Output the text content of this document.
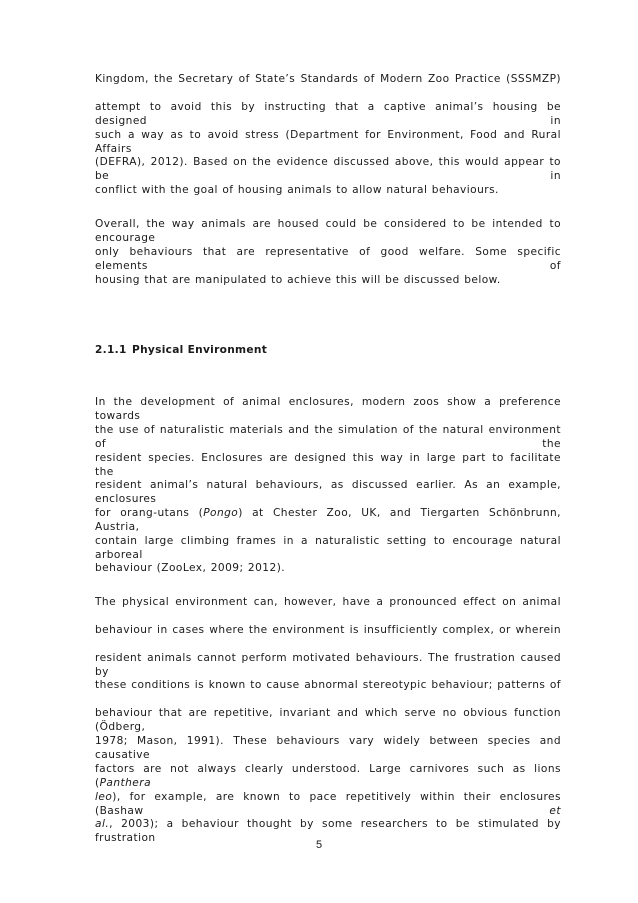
Kingdom, the Secretary of State’s Standards of Modern Zoo Practice (SSSMZP)
attempt to avoid this by instructing that a captive animal’s housing be designed in
such a way as to avoid stress (Department for Environment, Food and Rural Affairs
(DEFRA), 2012). Based on the evidence discussed above, this would appear to be in
conflict with the goal of housing animals to allow natural behaviours.
Overall, the way animals are housed could be considered to be intended to encourage
only behaviours that are representative of good welfare. Some specific elements of
housing that are manipulated to achieve this will be discussed below.
2.1.1 Physical Environment
In the development of animal enclosures, modern zoos show a preference towards
the use of naturalistic materials and the simulation of the natural environment of the
resident species. Enclosures are designed this way in large part to facilitate the
resident animal’s natural behaviours, as discussed earlier. As an example, enclosures
for orang-utans (Pongo) at Chester Zoo, UK, and Tiergarten Schönbrunn, Austria,
contain large climbing frames in a naturalistic setting to encourage natural arboreal
behaviour (ZooLex, 2009; 2012).
The physical environment can, however, have a pronounced effect on animal
behaviour in cases where the environment is insufficiently complex, or wherein
resident animals cannot perform motivated behaviours. The frustration caused by
these conditions is known to cause abnormal stereotypic behaviour; patterns of
behaviour that are repetitive, invariant and which serve no obvious function (Ödberg,
1978; Mason, 1991). These behaviours vary widely between species and causative
factors are not always clearly understood. Large carnivores such as lions (Panthera
leo), for example, are known to pace repetitively within their enclosures (Bashaw et
al., 2003); a behaviour thought by some researchers to be stimulated by frustration
5
